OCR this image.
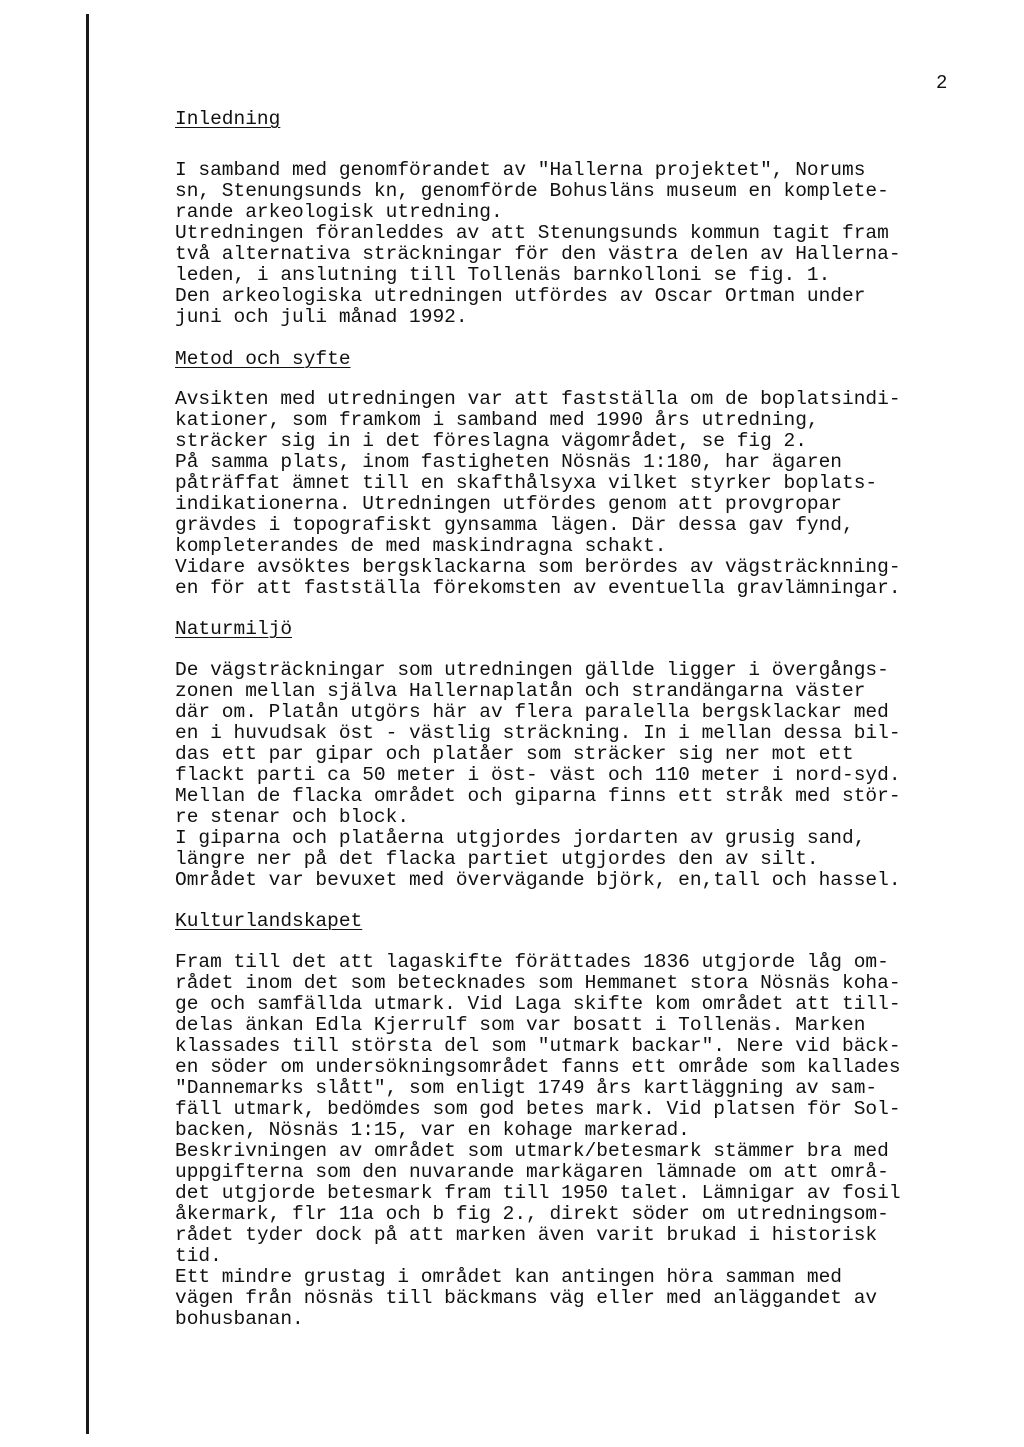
2
Inledning
I samband med genomförandet av "Hallerna projektet", Norums
sn, Stenungsunds kn, genomförde Bohusläns museum en komplete-
rande arkeologisk utredning.
Utredningen föranleddes av att Stenungsunds kommun tagit fram
två alternativa sträckningar för den västra delen av Hallerna-
leden, i anslutning till Tollenäs barnkolloni se fig. 1.
Den arkeologiska utredningen utfördes av Oscar Ortman under
juni och juli månad 1992.
Metod och syfte
Avsikten med utredningen var att fastställa om de boplatsindi-
kationer, som framkom i samband med 1990 års utredning,
sträcker sig in i det föreslagna vägområdet, se fig 2.
På samma plats, inom fastigheten Nösnäs 1:180, har ägaren
påträffat ämnet till en skafthålsyxa vilket styrker boplats-
indikationerna. Utredningen utfördes genom att provgropar
grävdes i topografiskt gynsamma lägen. Där dessa gav fynd,
kompleterandes de med maskindragna schakt.
Vidare avsöktes bergsklackarna som berördes av vägsträcknning-
en för att fastställa förekomsten av eventuella gravlämningar.
Naturmiljö
De vägsträckningar som utredningen gällde ligger i övergångs-
zonen mellan själva Hallernaplatån och strandängarna väster
där om. Platån utgörs här av flera paralella bergsklackar med
en i huvudsak öst - västlig sträckning. In i mellan dessa bil-
das ett par gipar och platåer som sträcker sig ner mot ett
flackt parti ca 50 meter i öst- väst och 110 meter i nord-syd.
Mellan de flacka området och giparna finns ett stråk med stör-
re stenar och block.
I giparna och platåerna utgjordes jordarten av grusig sand,
längre ner på det flacka partiet utgjordes den av silt.
Området var bevuxet med övervägande björk, en,tall och hassel.
Kulturlandskapet
Fram till det att lagaskifte förättades 1836 utgjorde låg om-
rådet inom det som betecknades som Hemmanet stora Nösnäs koha-
ge och samfällda utmark. Vid Laga skifte kom området att till-
delas änkan Edla Kjerrulf som var bosatt i Tollenäs. Marken
klassades till största del som "utmark backar". Nere vid bäck-
en söder om undersökningsområdet fanns ett område som kallades
"Dannemarks slått", som enligt 1749 års kartläggning av sam-
fäll utmark, bedömdes som god betes mark. Vid platsen för Sol-
backen, Nösnäs 1:15, var en kohage markerad.
Beskrivningen av området som utmark/betesmark stämmer bra med
uppgifterna som den nuvarande markägaren lämnade om att områ-
det utgjorde betesmark fram till 1950 talet. Lämnigar av fosil
åkermark, flr 11a och b fig 2., direkt söder om utredningsom-
rådet tyder dock på att marken även varit brukad i historisk
tid.
Ett mindre grustag i området kan antingen höra samman med
vägen från nösnäs till bäckmans väg eller med anläggandet av
bohusbanan.
